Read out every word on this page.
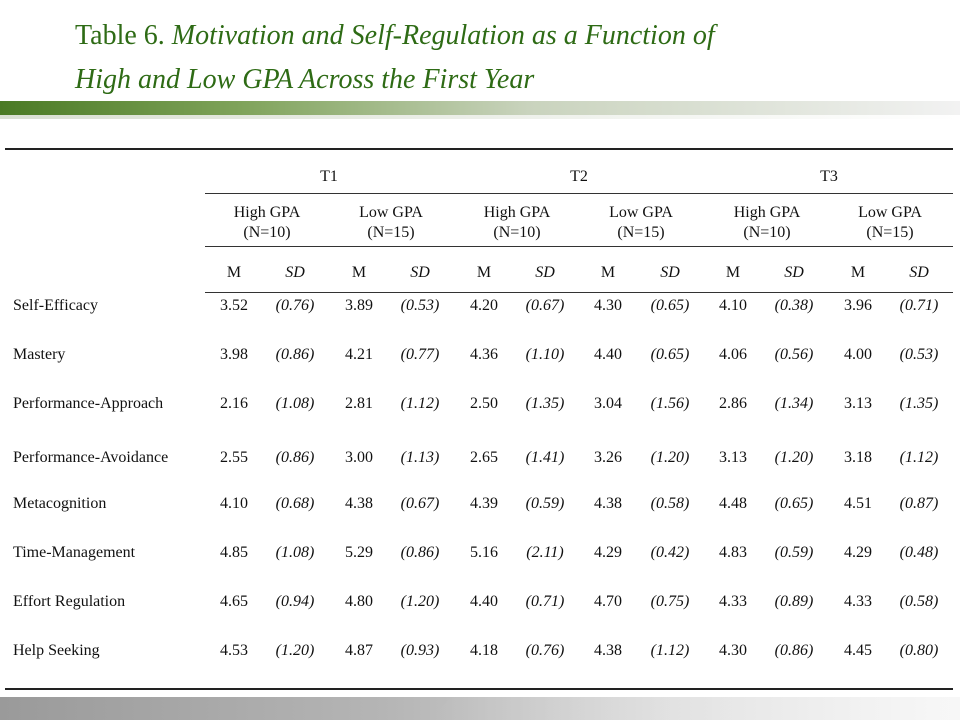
Table 6. Motivation and Self-Regulation as a Function of
High and Low GPA Across the First Year
T1	T2	T3
High GPA
(N=10)
Low GPA
(N=15)
High GPA
(N=10)
Low GPA
(N=15)
High GPA
(N=10)
Low GPA
(N=15)
M	SD	M	SD	M	SD	M	SD	M	SD	M	SD
Self-Efficacy	3.52 (0.76) 3.89 (0.53) 4.20 (0.67) 4.30 (0.65) 4.10 (0.38) 3.96 (0.71)
Mastery	3.98 (0.86) 4.21 (0.77) 4.36 (1.10) 4.40 (0.65) 4.06 (0.56) 4.00 (0.53)
Performance-Approach	2.16 (1.08) 2.81 (1.12) 2.50 (1.35) 3.04 (1.56) 2.86 (1.34) 3.13 (1.35)
Performance-Avoidance	2.55 (0.86) 3.00 (1.13) 2.65 (1.41) 3.26 (1.20) 3.13 (1.20) 3.18 (1.12)
Metacognition	4.10 (0.68) 4.38 (0.67) 4.39 (0.59) 4.38 (0.58) 4.48 (0.65) 4.51 (0.87)
Time-Management	4.85 (1.08) 5.29 (0.86) 5.16 (2.11) 4.29 (0.42) 4.83 (0.59) 4.29 (0.48)
Effort Regulation	4.65 (0.94) 4.80 (1.20) 4.40 (0.71) 4.70 (0.75) 4.33 (0.89) 4.33 (0.58)
Help Seeking	4.53 (1.20) 4.87 (0.93) 4.18 (0.76) 4.38 (1.12) 4.30 (0.86) 4.45 (0.80)
